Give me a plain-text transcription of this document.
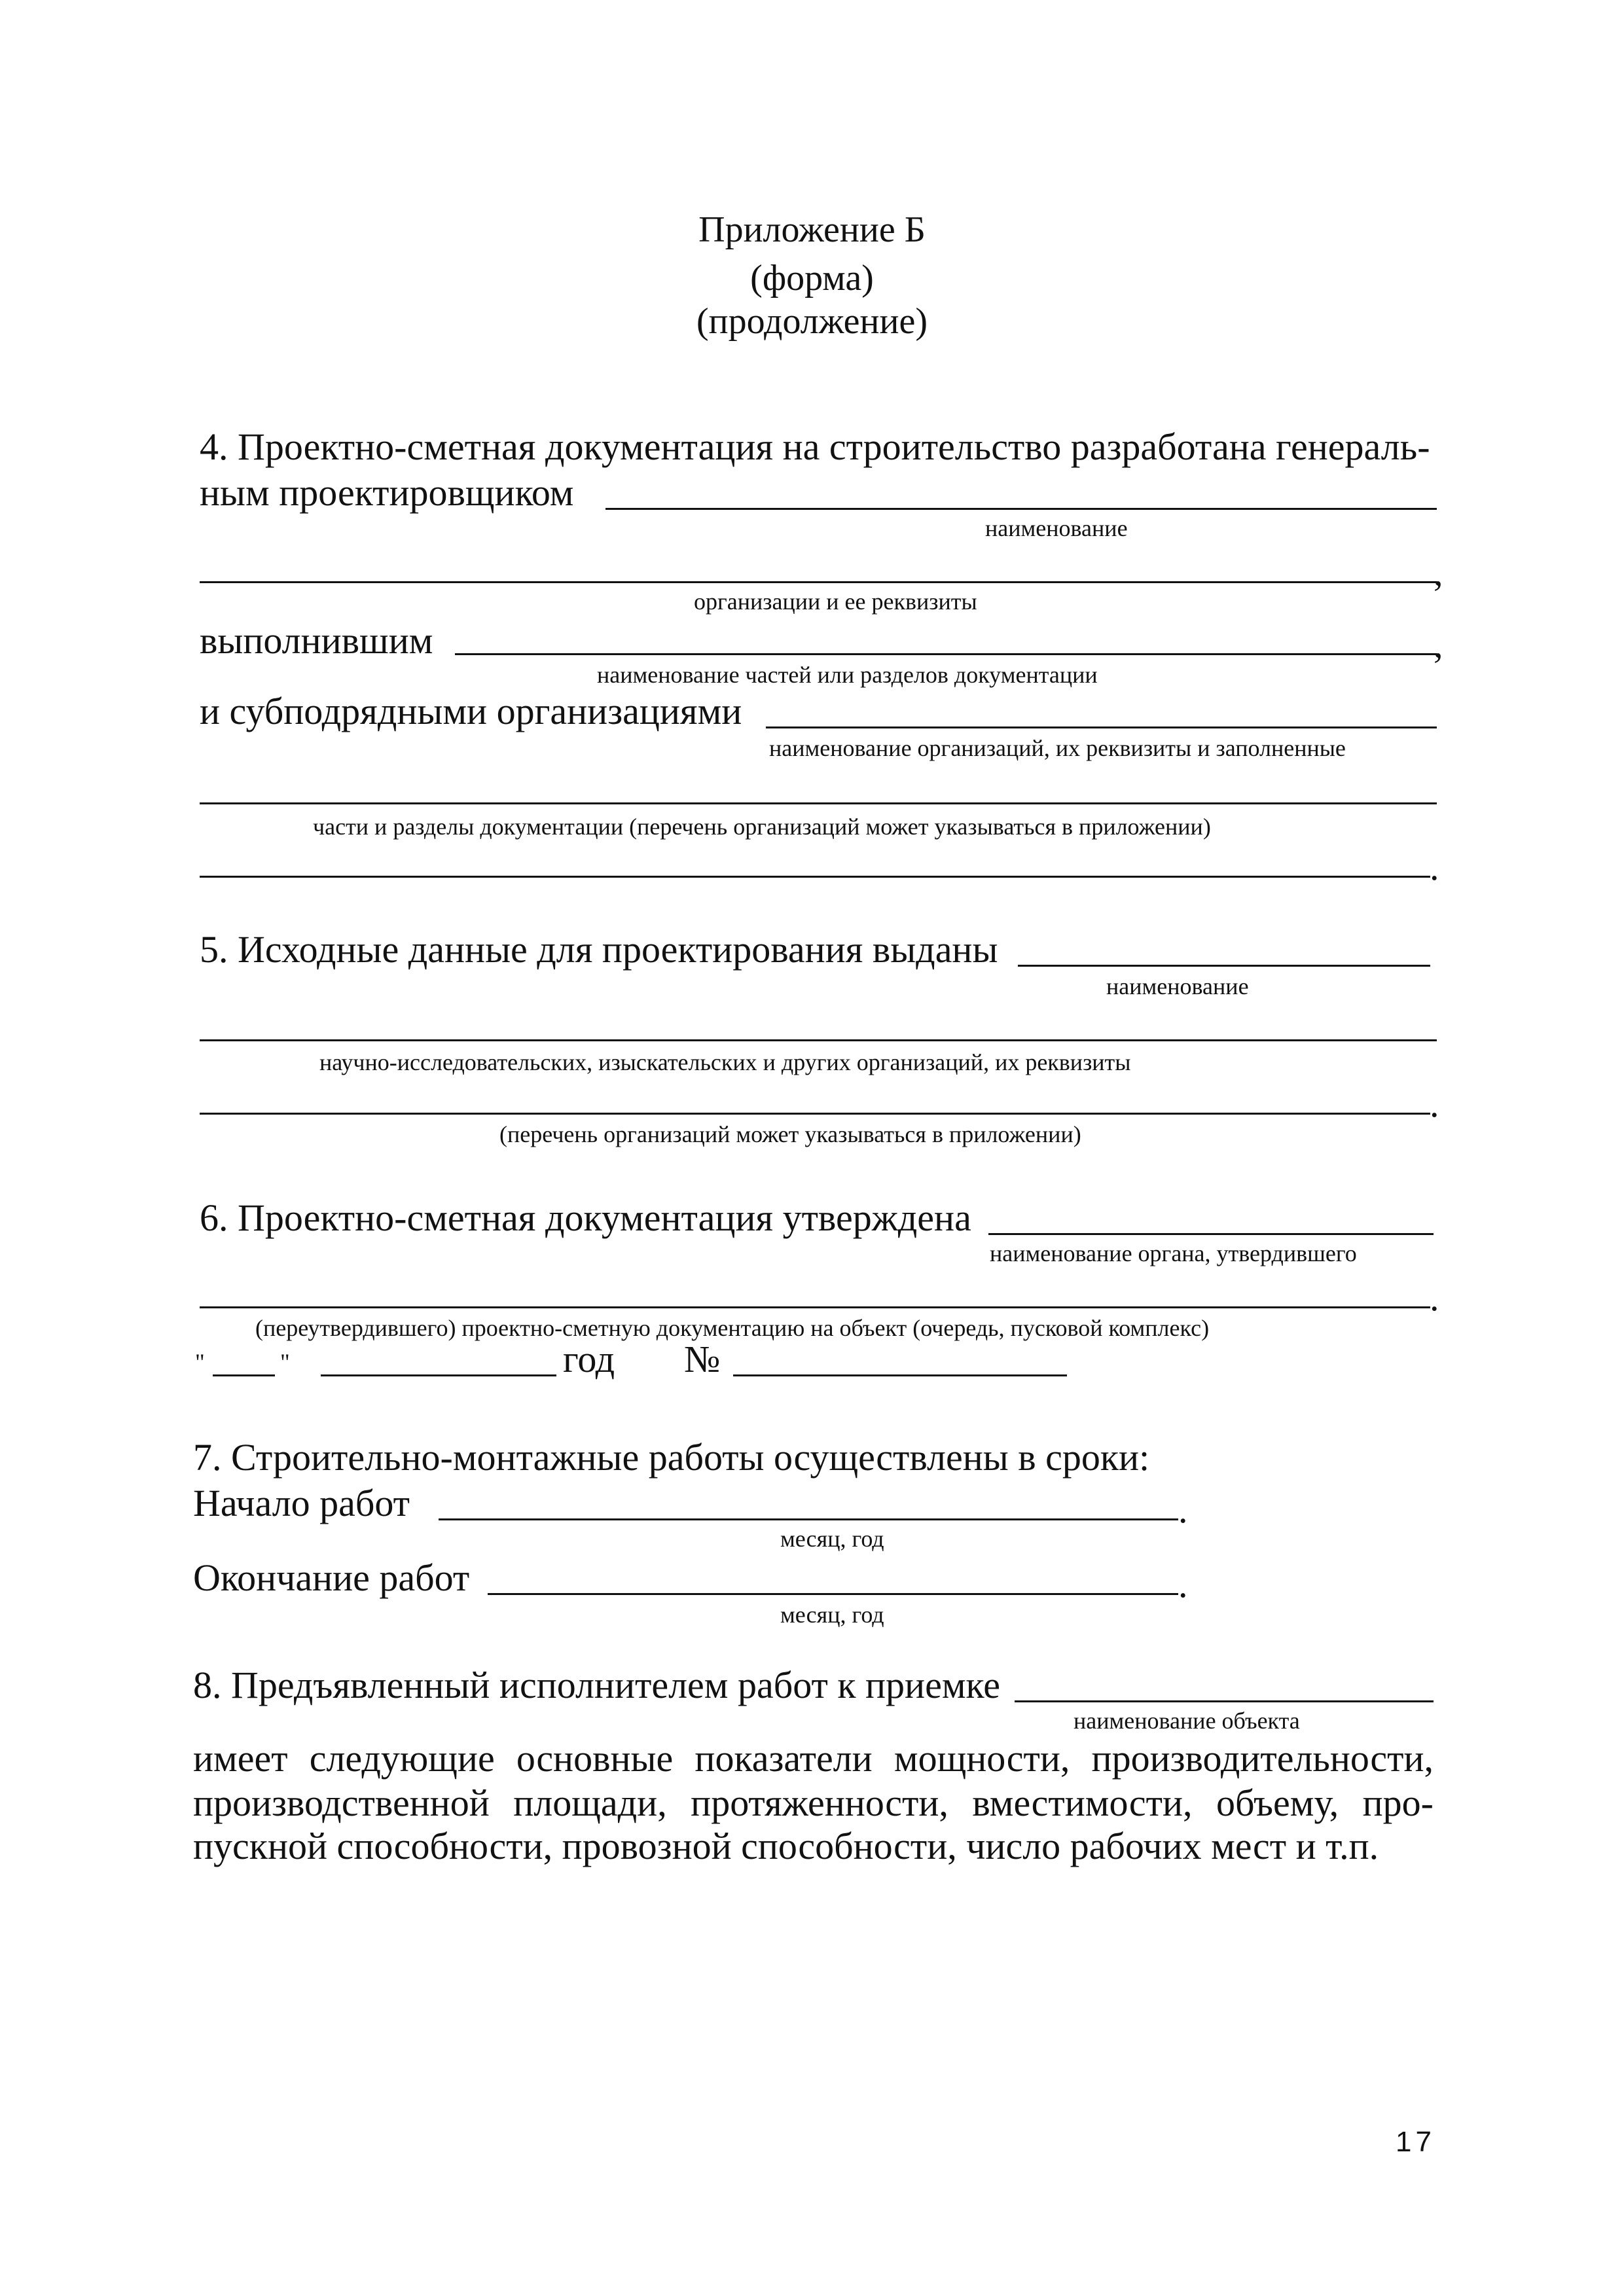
Приложение Б
(форма)
(продолжение)
4. Проектно-сметная документация на строительство разработана генераль-
ным проектировщиком
наименование
,
организации и ее реквизиты
выполнившим	,
наименование частей или разделов документации
и субподрядными организациями
наименование организаций, их реквизиты и заполненные
части и разделы документации (перечень организаций может указываться в приложении)
.
5. Исходные данные для проектирования выданы
наименование
научно-исследовательских, изыскательских и других организаций, их реквизиты
.
(перечень организаций может указываться в приложении)
6. Проектно-сметная документация утверждена
наименование органа, утвердившего
.
(переутвердившего) проектно-сметную документацию на объект (очередь, пусковой комплекс)
"	"	год №
7. Строительно-монтажные работы осуществлены в сроки:
Начало работ	.
месяц, год
Окончание работ	.
месяц, год
8. Предъявленный исполнителем работ к приемке
наименование объекта
имеет следующие основные показатели мощности, производительности,
производственной площади, протяженности, вместимости, объему, про-
пускной способности, провозной способности, число рабочих мест и т.п.
17
